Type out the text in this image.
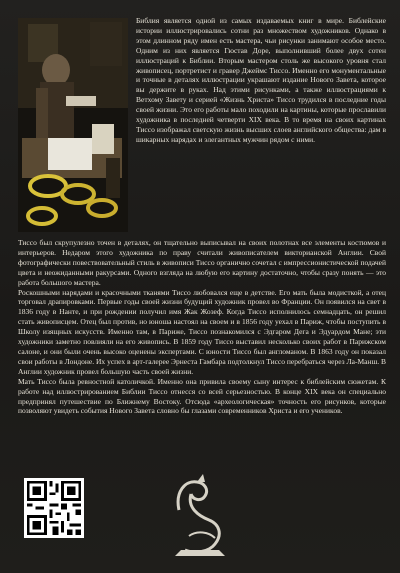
Библия является одной из самых издаваемых книг в мире. Библейские истории иллюстрировались сотни раз множеством художников. Однако в этом длинном ряду имен есть мастера, чьи рисунки занимают особое место. Одним из них является Гюстав Доре, выполнивший более двух сотен иллюстраций к Библии. Вторым мастером столь же высокого уровня стал живописец, портретист и гравер Джеймс Тиссо. Именно его монументальные и точные в деталях иллюстрации украшают издание Нового Завета, которое вы держите в руках. Над этими рисунками, а также иллюстрациями к Ветхому Завету и серией «Жизнь Христа» Тиссо трудился в последние годы своей жизни. Это его работы мало походили на картины, которые прославили художника в последней четверти XIX века. В то время на своих картинах Тиссо изображал светскую жизнь высших слоев английского общества: дам в шикарных нарядах и элегантных мужчин рядом с ними.

Тиссо был скрупулезно точен в деталях, он тщательно выписывал на своих полотнах все элементы костюмов и интерьеров. Недаром этого художника по праву считали живописателем викторианской Англии. Свой фотографически повествовательный стиль в живописи Тиссо органично сочетал с импрессионистической подачей цвета и неожиданными ракурсами. Одного взгляда на любую его картину достаточно, чтобы сразу понять — это работа большого мастера.

Роскошными нарядами и красочными тканями Тиссо любовался еще в детстве. Его мать была модисткой, а отец торговал драпировками. Первые годы своей жизни будущий художник провел во Франции. Он появился на свет в 1836 году в Нанте, и при рождении получил имя Жак Жозеф. Когда Тиссо исполнилось семнадцать, он решил стать живописцем. Отец был против, но юноша настоял на своем и в 1856 году уехал в Париж, чтобы поступить в Школу изящных искусств. Именно там, в Париже, Тиссо познакомился с Эдгаром Дега и Эдуардом Мане; эти художники заметно повлияли на его живопись. В 1859 году Тиссо выставил несколько своих работ в Парижском салоне, и они были очень высоко оценены экспертами. С юности Тиссо был англоманом. В 1863 году он показал свои работы в Лондоне. Их успех в арт-галерее Эрнеста Гамбара подтолкнул Тиссо перебраться через Ла-Манш. В Англии художник провел большую часть своей жизни.

Мать Тиссо была ревностной католичкой. Именно она привила своему сыну интерес к библейским сюжетам. К работе над иллюстрированием Библии Тиссо отнесся со всей серьезностью. В конце XIX века он специально предпринял путешествие по Ближнему Востоку. Отсюда «археологическая» точность его рисунков, которые позволяют увидеть события Нового Завета словно бы глазами современников Христа и его учеников.
